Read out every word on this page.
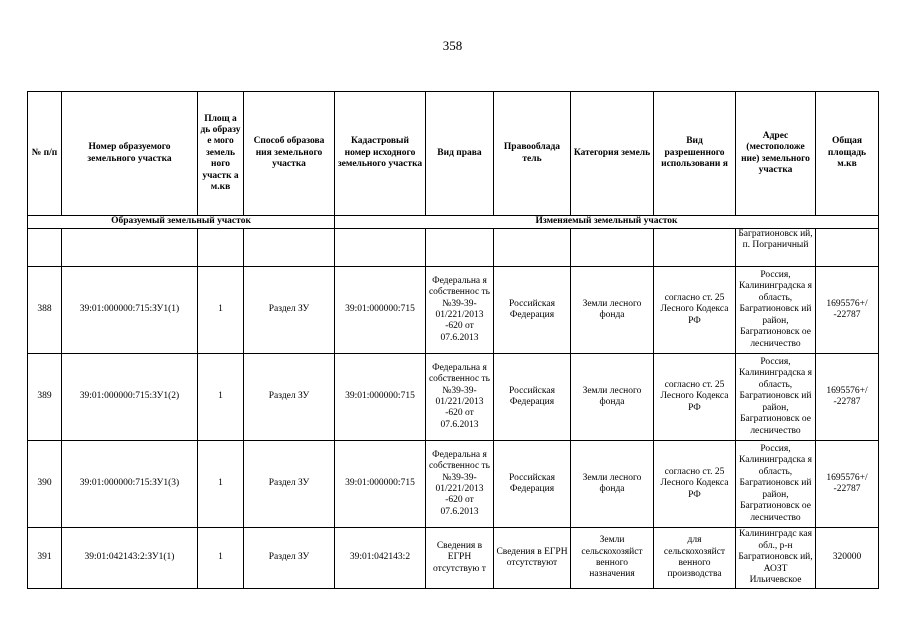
358
№ п/п	Номер образуемого земельного участка	Площ а дь образу е мого земель ного участк а м.кв	Способ образова ния земельного участка	Кадастровый номер исходного земельного участка	Вид права	Правооблада тель	Категория земель	Вид разрешенного использовани я	Адрес (местоположе ние) земельного участка	Общая площадь м.кв
Образуемый земельный участок				Изменяемый земельный участок						
									Багратионовск ий, п. Пограничный	
388	39:01:000000:715:ЗУ1(1)	1	Раздел ЗУ	39:01:000000:715	Федеральна я собственнос ть №39-39-01/221/2013 -620 от 07.6.2013	Российская Федерация	Земли лесного фонда	согласно ст. 25 Лесного Кодекса РФ	Россия, Калининградска я область, Багратионовск ий район, Багратионовск ое лесничество	1695576+/ -22787
389	39:01:000000:715:ЗУ1(2)	1	Раздел ЗУ	39:01:000000:715	Федеральна я собственнос ть №39-39-01/221/2013 -620 от 07.6.2013	Российская Федерация	Земли лесного фонда	согласно ст. 25 Лесного Кодекса РФ	Россия, Калининградска я область, Багратионовск ий район, Багратионовск ое лесничество	1695576+/ -22787
390	39:01:000000:715:ЗУ1(3)	1	Раздел ЗУ	39:01:000000:715	Федеральна я собственнос ть №39-39-01/221/2013 -620 от 07.6.2013	Российская Федерация	Земли лесного фонда	согласно ст. 25 Лесного Кодекса РФ	Россия, Калининградска я область, Багратионовск ий район, Багратионовск ое лесничество	1695576+/ -22787
391	39:01:042143:2:ЗУ1(1)	1	Раздел ЗУ	39:01:042143:2	Сведения в ЕГРН отсутствую т	Сведения в ЕГРН отсутствуют	Земли сельскохозяйст венного назначения	для сельскохозяйст венного производства	Калининградс кая обл., р-н Багратионовск ий, АОЗТ Ильичевское	320000
